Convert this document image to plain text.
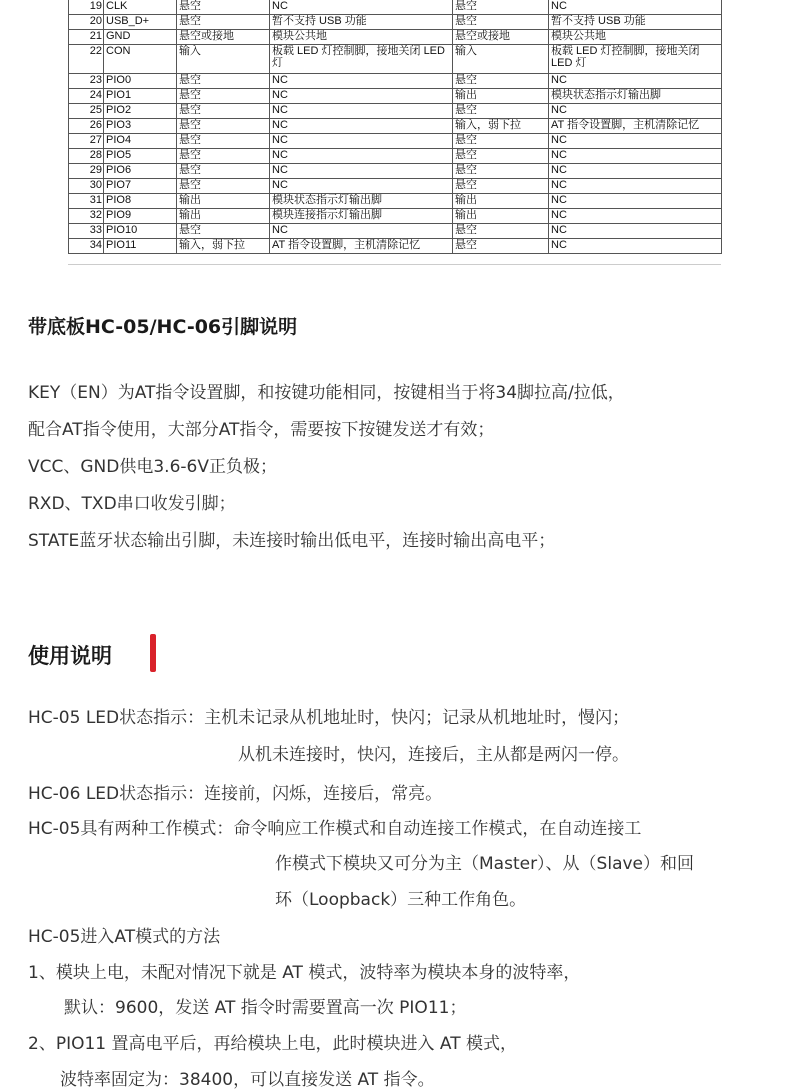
19	CLK	悬空	NC	悬空	NC
20	USB_D+	悬空	暂不支持 USB 功能	悬空	暂不支持 USB 功能
21	GND	悬空或接地	模块公共地	悬空或接地	模块公共地
22	CON	输入	板载 LED 灯控制脚，接地关闭 LED 灯	输入	板载 LED 灯控制脚，接地关闭 LED 灯
23	PIO0	悬空	NC	悬空	NC
24	PIO1	悬空	NC	输出	模块状态指示灯输出脚
25	PIO2	悬空	NC	悬空	NC
26	PIO3	悬空	NC	输入，弱下拉	AT 指令设置脚，主机清除记忆
27	PIO4	悬空	NC	悬空	NC
28	PIO5	悬空	NC	悬空	NC
29	PIO6	悬空	NC	悬空	NC
30	PIO7	悬空	NC	悬空	NC
31	PIO8	输出	模块状态指示灯输出脚	输出	NC
32	PIO9	输出	模块连接指示灯输出脚	输出	NC
33	PIO10	悬空	NC	悬空	NC
34	PIO11	输入，弱下拉	AT 指令设置脚，主机清除记忆	悬空	NC
带底板HC-05/HC-06引脚说明

KEY（EN）为AT指令设置脚，和按键功能相同，按键相当于将34脚拉高/拉低，

配合AT指令使用，大部分AT指令，需要按下按键发送才有效；

VCC、GND供电3.6-6V正负极；

RXD、TXD串口收发引脚；

STATE蓝牙状态输出引脚，未连接时输出低电平，连接时输出高电平；

使用说明
HC-05 LED状态指示：主机未记录从机地址时，快闪；记录从机地址时，慢闪；
从机未连接时，快闪，连接后，主从都是两闪一停。
HC-06 LED状态指示：连接前，闪烁，连接后，常亮。
HC-05具有两种工作模式：命令响应工作模式和自动连接工作模式，在自动连接工
作模式下模块又可分为主（Master）、从（Slave）和回
环（Loopback）三种工作角色。
HC-05进入AT模式的方法
1、模块上电，未配对情况下就是 AT 模式，波特率为模块本身的波特率，
默认：9600，发送 AT 指令时需要置高一次 PIO11；
2、PIO11 置高电平后，再给模块上电，此时模块进入 AT 模式，
波特率固定为：38400，可以直接发送 AT 指令。
